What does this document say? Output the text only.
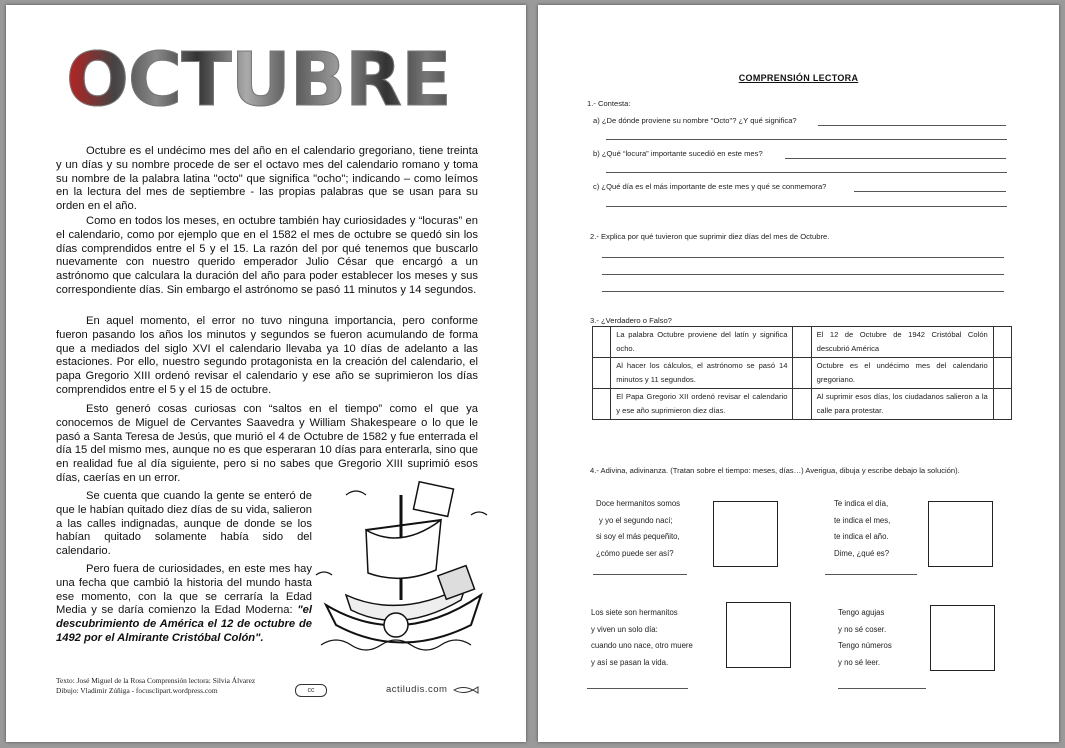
OCTUBRE

Octubre es el undécimo mes del año en el calendario gregoriano, tiene treinta y un días y su nombre procede de ser el octavo mes del calendario romano y toma su nombre de la palabra latina "octo" que significa "ocho"; indicando – como leímos en la lectura del mes de septiembre - las propias palabras que se usan para su orden en el año.

Como en todos los meses, en octubre también hay curiosidades y “locuras” en el calendario, como por ejemplo que en el 1582 el mes de octubre se quedó sin los días comprendidos entre el 5 y el 15. La razón del por qué tenemos que buscarlo nuevamente con nuestro querido emperador Julio César que encargó a un astrónomo que calculara la duración del año para poder establecer los meses y sus correspondiente días. Sin embargo el astrónomo se pasó 11 minutos y 14 segundos.

En aquel momento, el error no tuvo ninguna importancia, pero conforme fueron pasando los años los minutos y segundos se fueron acumulando de forma que a mediados del siglo XVI el calendario llevaba ya 10 días de adelanto a las estaciones. Por ello, nuestro segundo protagonista en la creación del calendario, el papa Gregorio XIII ordenó revisar el calendario y ese año se suprimieron los días comprendidos entre el 5 y el 15 de octubre.

Esto generó cosas curiosas con “saltos en el tiempo” como el que ya conocemos de Miguel de Cervantes Saavedra y William Shakespeare o lo que le pasó a Santa Teresa de Jesús, que murió el 4 de Octubre de 1582 y fue enterrada el día 15 del mismo mes, aunque no es que esperaran 10 días para enterarla, sino que en realidad fue al día siguiente, pero si no sabes que Gregorio XIII suprimió esos días, caerías en un error.

Se cuenta que cuando la gente se enteró de que le habían quitado diez días de su vida, salieron a las calles indignadas, aunque de donde se los habían quitado solamente había sido del calendario.

Pero fuera de curiosidades, en este mes hay una fecha que cambió la historia del mundo hasta ese momento, con la que se cerraría la Edad Media y se daría comienzo la Edad Moderna: "el descubrimiento de América el 12 de octubre de 1492 por el Almirante Cristóbal Colón".

Texto: José Miguel de la Rosa Comprensión lectora: Silvia Álvarez
Dibujo: Vladimir Zúñiga - focusclipart.wordpress.com	cc	actiludis.com
COMPRENSIÓN LECTORA
1.- Contesta:
a) ¿De dónde proviene su nombre "Octo"? ¿Y qué significa?
b) ¿Qué “locura” importante sucedió en este mes?
c) ¿Qué día es el más importante de este mes y qué se conmemora?
2.- Explica por qué tuvieron que suprimir diez días del mes de Octubre.
3.- ¿Verdadero o Falso?
	La palabra Octubre proviene del latín y significa ocho.		El 12 de Octubre de 1942 Cristóbal Colón descubrió América	
	Al hacer los cálculos, el astrónomo se pasó 14 minutos y 11 segundos.		Octubre es el undécimo mes del calendario gregoriano.	
	El Papa Gregorio XII ordenó revisar el calendario y ese año suprimieron diez días.		Al suprimir esos días, los ciudadanos salieron a la calle para protestar.	
4.- Adivina, adivinanza. (Tratan sobre el tiempo: meses, días…) Averigua, dibuja y escribe debajo la solución).
Doce hermanitos somos
y yo el segundo nací;
si soy el más pequeñito,
¿cómo puede ser así?
Te indica el día,
te indica el mes,
te indica el año.
Dime, ¿qué es?
Los siete son hermanitos
y viven un solo día:
cuando uno nace, otro muere
y así se pasan la vida.
Tengo agujas
y no sé coser.
Tengo números
y no sé leer.
